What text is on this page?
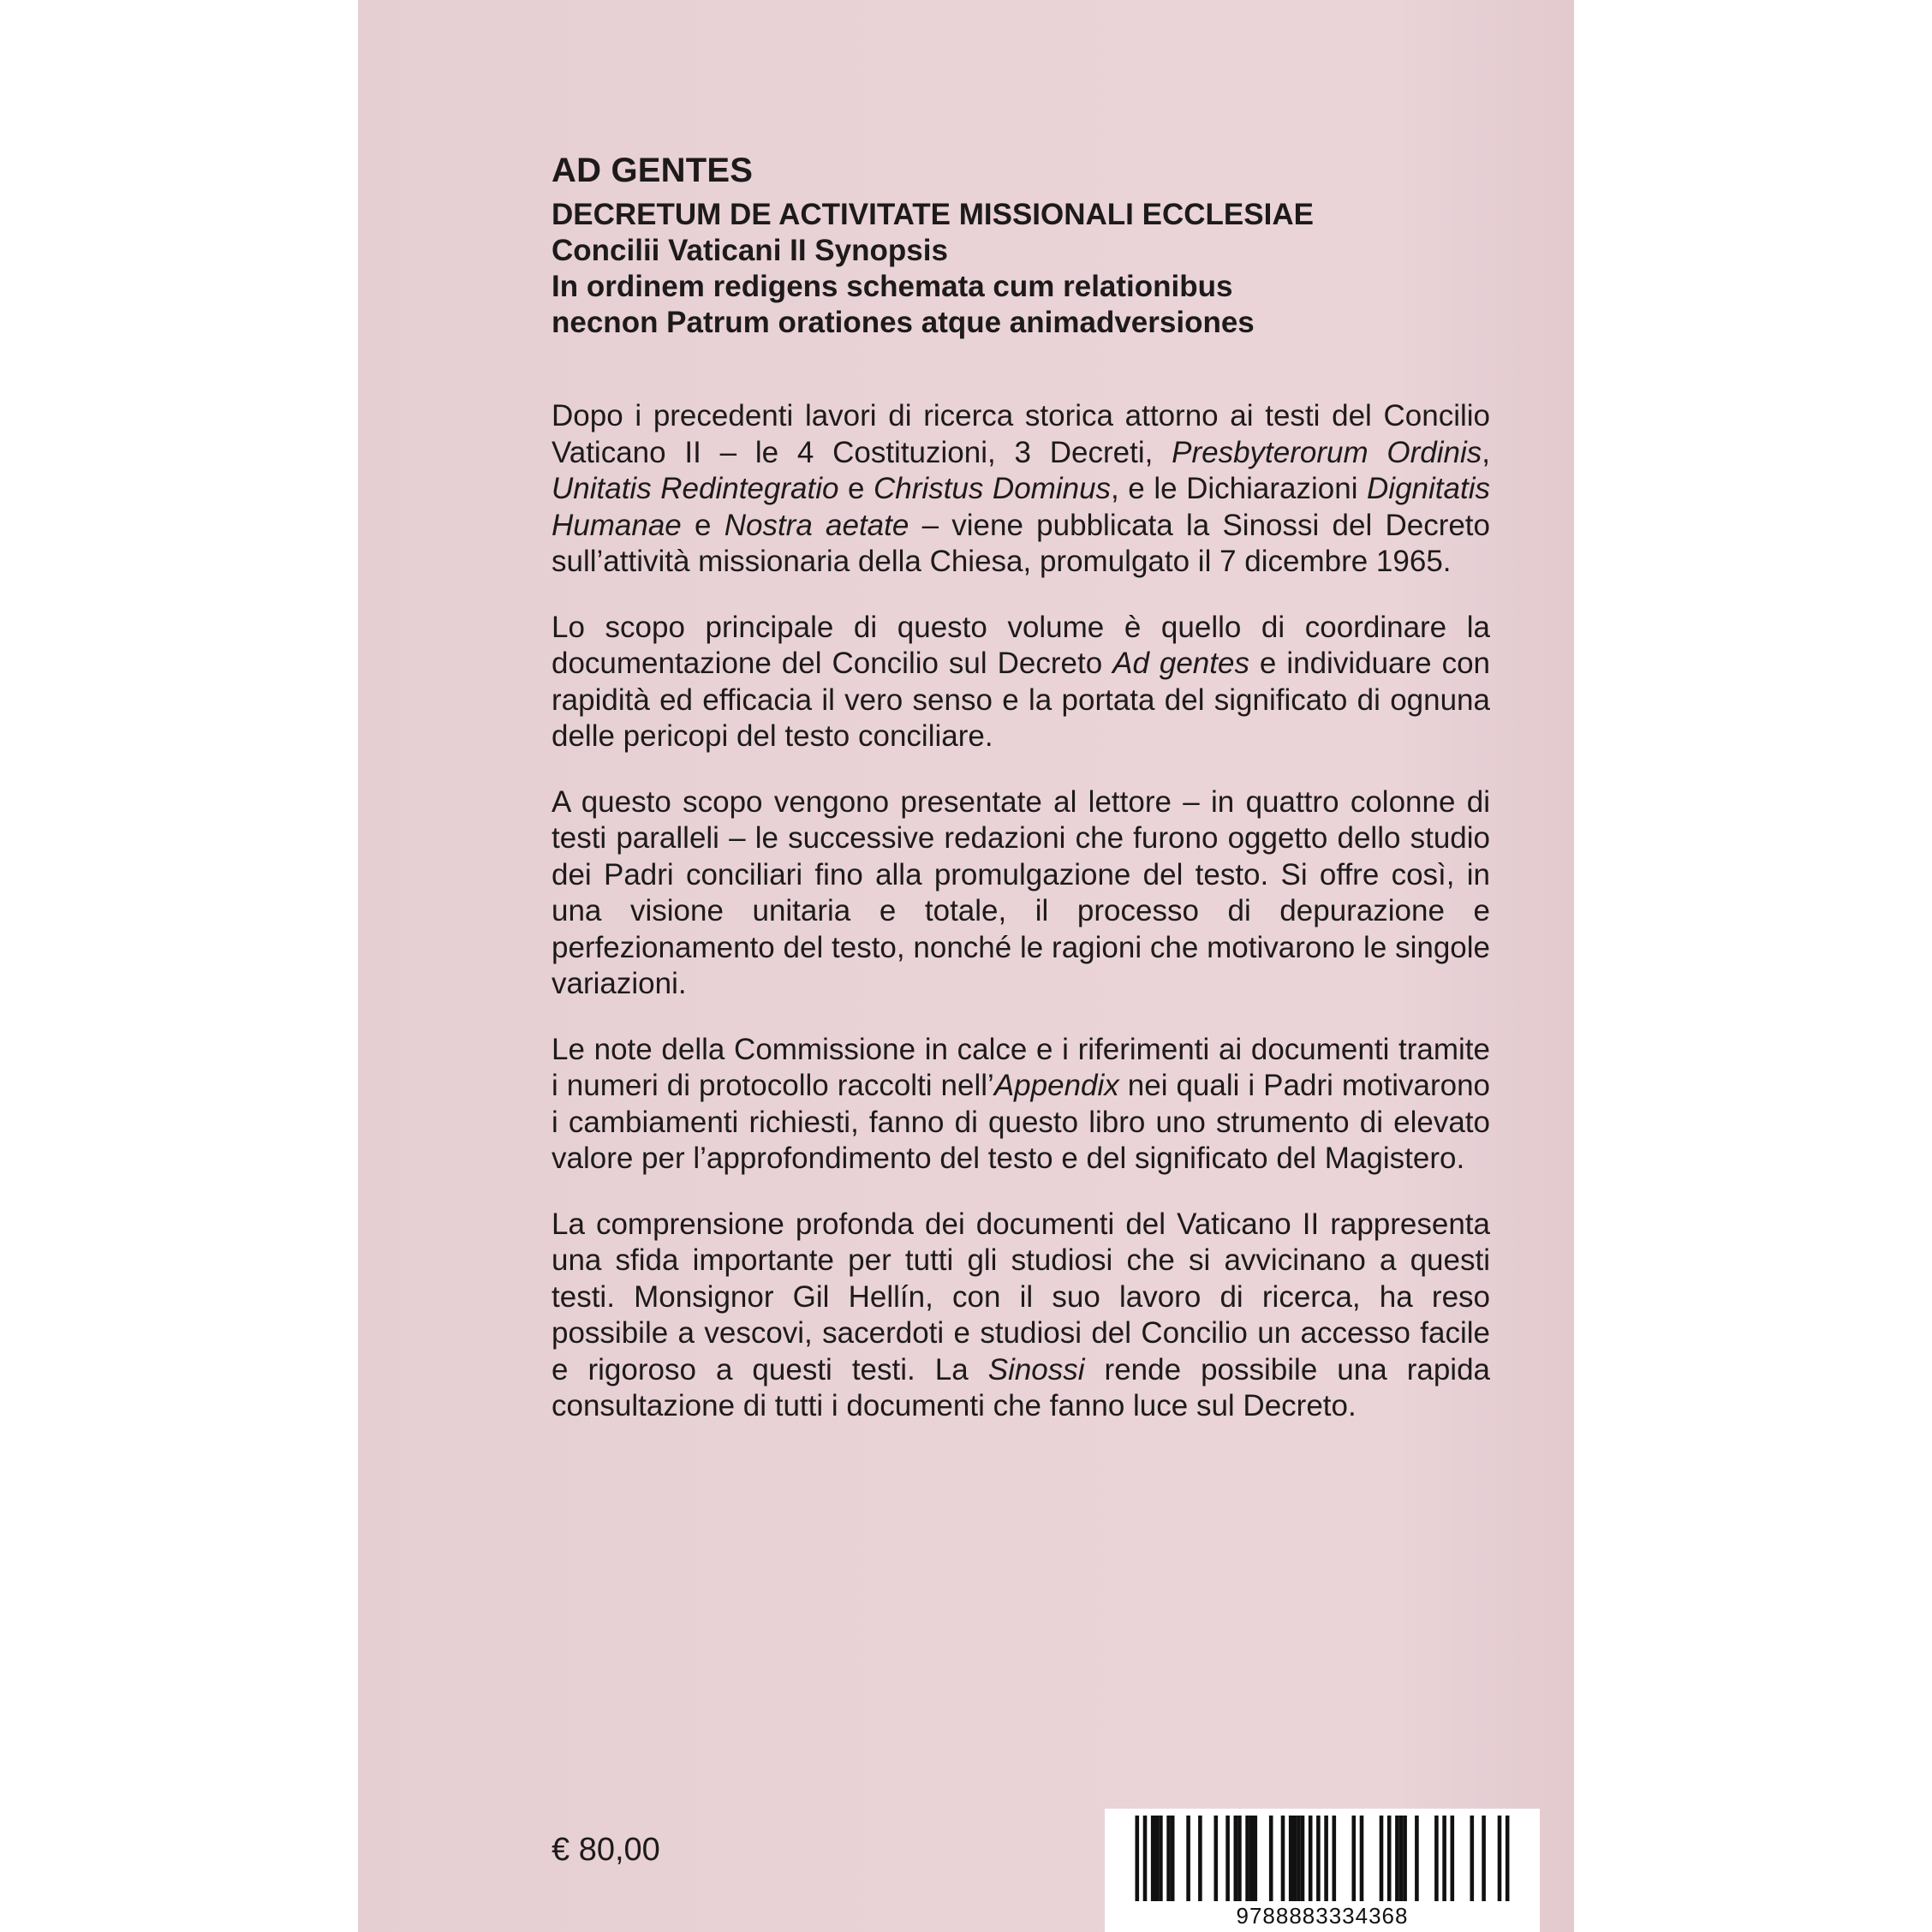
AD GENTES

DECRETUM DE ACTIVITATE MISSIONALI ECCLESIAE

Concilii Vaticani II Synopsis

In ordinem redigens schemata cum relationibus

necnon Patrum orationes atque animadversiones

Dopo i precedenti lavori di ricerca storica attorno ai testi del Concilio Vaticano II – le 4 Costituzioni, 3 Decreti, Presbyterorum Ordinis, Unitatis Redintegratio e Christus Dominus, e le Dichiarazioni Dignitatis Humanae e Nostra aetate – viene pubblicata la Sinossi del Decreto sull’attività missionaria della Chiesa, promulgato il 7 dicembre 1965.

Lo scopo principale di questo volume è quello di coordinare la documentazione del Concilio sul Decreto Ad gentes e individuare con rapidità ed efficacia il vero senso e la portata del significato di ognuna delle pericopi del testo conciliare.

A questo scopo vengono presentate al lettore – in quattro colonne di testi paralleli – le successive redazioni che furono oggetto dello studio dei Padri conciliari fino alla promulgazione del testo. Si offre così, in una visione unitaria e totale, il processo di depurazione e perfezionamento del testo, nonché le ragioni che motivarono le singole variazioni.

Le note della Commissione in calce e i riferimenti ai documenti tramite i numeri di protocollo raccolti nell’Appendix nei quali i Padri motivarono i cambiamenti richiesti, fanno di questo libro uno strumento di elevato valore per l’approfondimento del testo e del significato del Magistero.

La comprensione profonda dei documenti del Vaticano II rappresenta una sfida importante per tutti gli studiosi che si avvicinano a questi testi. Monsignor Gil Hellín, con il suo lavoro di ricerca, ha reso possibile a vescovi, sacerdoti e studiosi del Concilio un accesso facile e rigoroso a questi testi. La Sinossi rende possibile una rapida consultazione di tutti i documenti che fanno luce sul Decreto.

€ 80,00
9788883334368
